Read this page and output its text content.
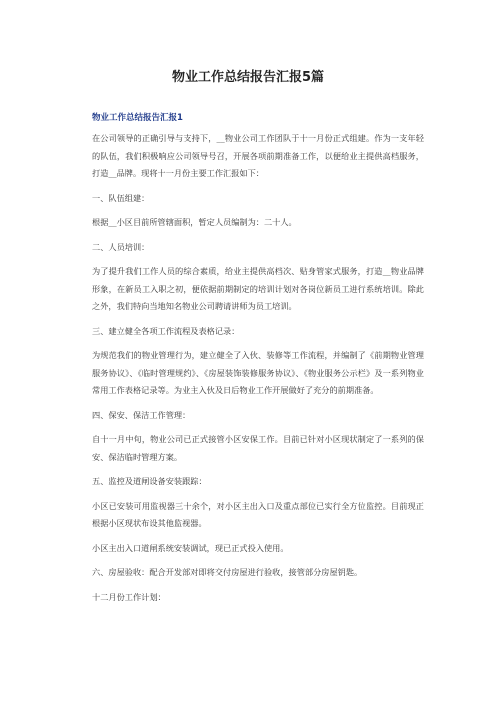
物业工作总结报告汇报5篇
物业工作总结报告汇报1

在公司领导的正确引导与支持下，__物业公司工作团队于十一月份正式组建。作为一支年轻的队伍，我们积极响应公司领导号召，开展各项前期准备工作，以便给业主提供高档服务，打造__品牌。现将十一月份主要工作汇报如下：

一、队伍组建：

根据__小区目前所管辖面积，暂定人员编制为：二十人。

二、人员培训：

为了提升我们工作人员的综合素质，给业主提供高档次、贴身管家式服务，打造__物业品牌形象，在新员工入职之初，便依据前期制定的培训计划对各岗位新员工进行系统培训。除此之外，我们特向当地知名物业公司聘请讲师为员工培训。

三、建立健全各项工作流程及表格记录：

为规范我们的物业管理行为，建立健全了入伙、装修等工作流程，并编制了《前期物业管理服务协议》、《临时管理规约》、《房屋装饰装修服务协议》、《物业服务公示栏》及一系列物业常用工作表格记录等。为业主入伙及日后物业工作开展做好了充分的前期准备。

四、保安、保洁工作管理：

自十一月中旬，物业公司已正式接管小区安保工作。目前已针对小区现状制定了一系列的保安、保洁临时管理方案。

五、监控及道闸设备安装跟踪：

小区已安装可用监视器三十余个，对小区主出入口及重点部位已实行全方位监控。目前现正根据小区现状布设其他监视器。

小区主出入口道闸系统安装调试，现已正式投入使用。

六、房屋验收：配合开发部对即将交付房屋进行验收，接管部分房屋钥匙。

十二月份工作计划：
